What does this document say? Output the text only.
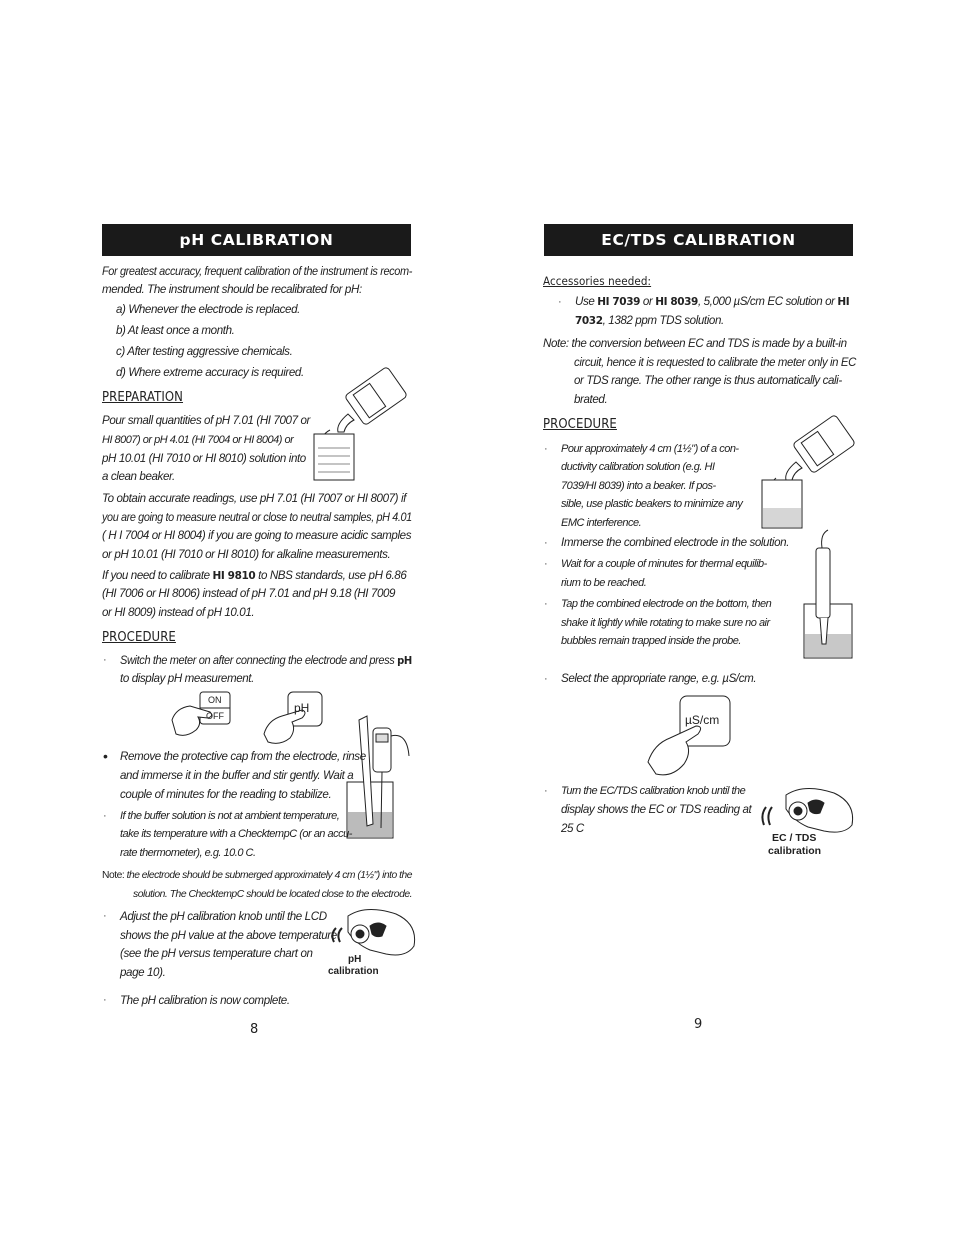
pH CALIBRATION
For greatest accuracy, frequent calibration of the instrument is recom-
mended. The instrument should be recalibrated for pH:
a) Whenever the electrode is replaced.
b) At least once a month.
c) After testing aggressive chemicals.
d) Where extreme accuracy is required.
PREPARATION
Pour small quantities of pH 7.01 (HI 7007 or
HI 8007) or pH 4.01 (HI 7004 or HI 8004) or
pH 10.01 (HI 7010 or HI 8010) solution into
a clean beaker.
To obtain accurate readings, use pH 7.01 (HI 7007 or HI 8007) if
you are going to measure neutral or close to neutral samples, pH 4.01
( H I 7004 or HI 8004) if you are going to measure acidic samples
or pH 10.01 (HI 7010 or HI 8010) for alkaline measurements.
If you need to calibrate HI 9810 to NBS standards, use pH 6.86
(HI 7006 or HI 8006) instead of pH 7.01 and pH 9.18 (HI 7009
or HI 8009) instead of pH 10.01.
PROCEDURE
· Switch the meter on after connecting the electrode and press pH
to display pH measurement.
ON
OFF
pH
• Remove the protective cap from the electrode, rinse
and immerse it in the buffer and stir gently. Wait a
couple of minutes for the reading to stabilize.
· If the buffer solution is not at ambient temperature,
take its temperature with a ChecktempC (or an accu-
rate thermometer), e.g. 10.0 C.
Note: the electrode should be submerged approximately 4 cm (1½") into the
solution. The ChecktempC should be located close to the electrode.
· Adjust the pH calibration knob until the LCD
shows the pH value at the above temperature
(see the pH versus temperature chart on
page 10).
pH
calibration
· The pH calibration is now complete.
8
EC/TDS CALIBRATION
Accessories needed:
· Use HI 7039 or HI 8039, 5,000 µS/cm EC solution or HI
7032, 1382 ppm TDS solution.
Note: the conversion between EC and TDS is made by a built-in
circuit, hence it is requested to calibrate the meter only in EC
or TDS range. The other range is thus automatically cali-
brated.
PROCEDURE
· Pour approximately 4 cm (1½") of a con-
ductivity calibration solution (e.g. HI
7039/HI 8039) into a beaker. If pos-
sible, use plastic beakers to minimize any
EMC interference.
· Immerse the combined electrode in the solution.
· Wait for a couple of minutes for thermal equilib-
rium to be reached.
· Tap the combined electrode on the bottom, then
shake it lightly while rotating to make sure no air
bubbles remain trapped inside the probe.
· Select the appropriate range, e.g. µS/cm.
µS/cm
· Turn the EC/TDS calibration knob until the
display shows the EC or TDS reading at
25 C
EC / TDS
calibration
9
